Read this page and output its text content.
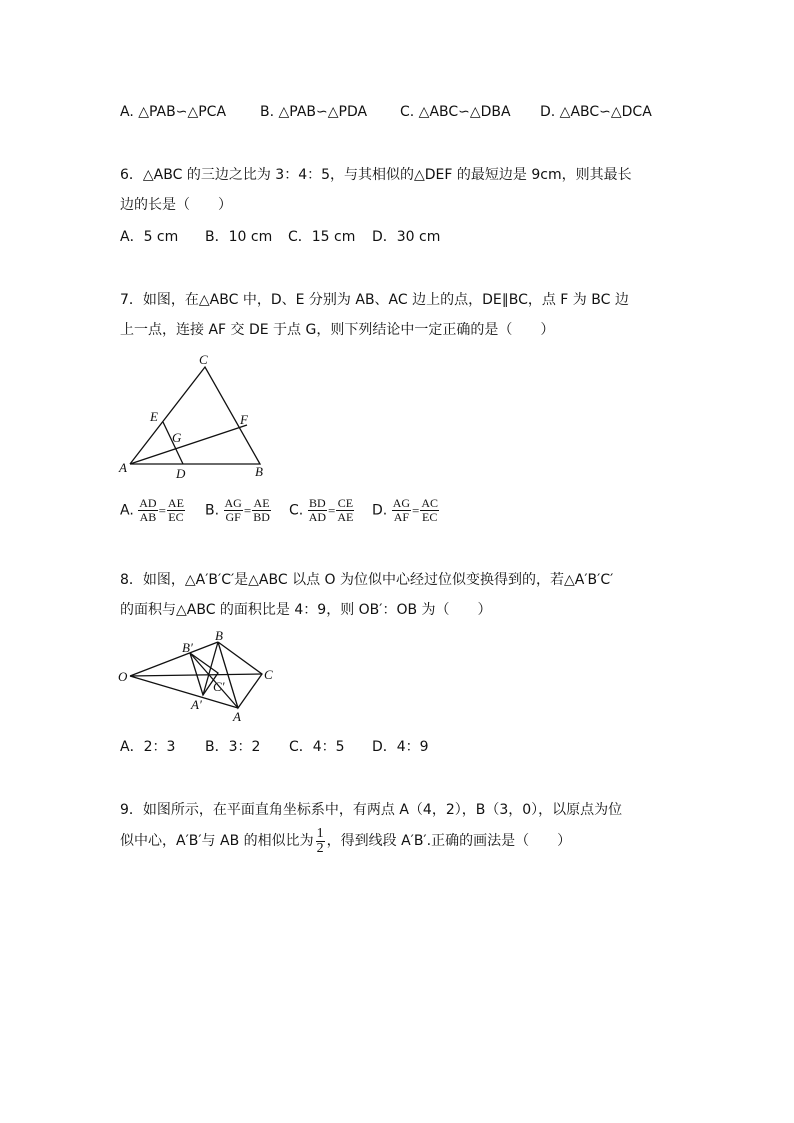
A. △PAB∽△PCA B. △PAB∽△PDA C. △ABC∽△DBA D. △ABC∽△DCA
6．△ABC 的三边之比为 3：4：5，与其相似的△DEF 的最短边是 9cm，则其最长
边的长是（　　）
A．5 cm B．10 cm C．15 cm D．30 cm
7．如图，在△ABC 中，D、E 分别为 AB、AC 边上的点，DE∥BC，点 F 为 BC 边
上一点，连接 AF 交 DE 于点 G，则下列结论中一定正确的是（　　）
C
E	F
G
A	D	B
A. $\frac{AD}{AB} = \frac{AE}{EC} B$. $\frac{AG}{GF} = \frac{AE}{BD} C$. $\frac{BD}{AD} = \frac{CE}{AE} D$. $\frac{AG}{AF} = \frac{AC}{EC}$
8．如图，△A′B′C′是△ABC 以点 O 为位似中心经过位似变换得到的，若△A′B′C′
的面积与△ABC 的面积比是 4：9，则 OB′：OB 为（　　）
O
B
B′
C
C′
A′
A
A．2：3 B．3：2 C．4：5 D．4：9
9．如图所示，在平面直角坐标系中，有两点 A（4，2），B（3，0），以原点为位
似中心，A′B′与 AB 的相似比为 $\frac{1}{2}$ ，得到线段 A′B′.正确的画法是（　　）
